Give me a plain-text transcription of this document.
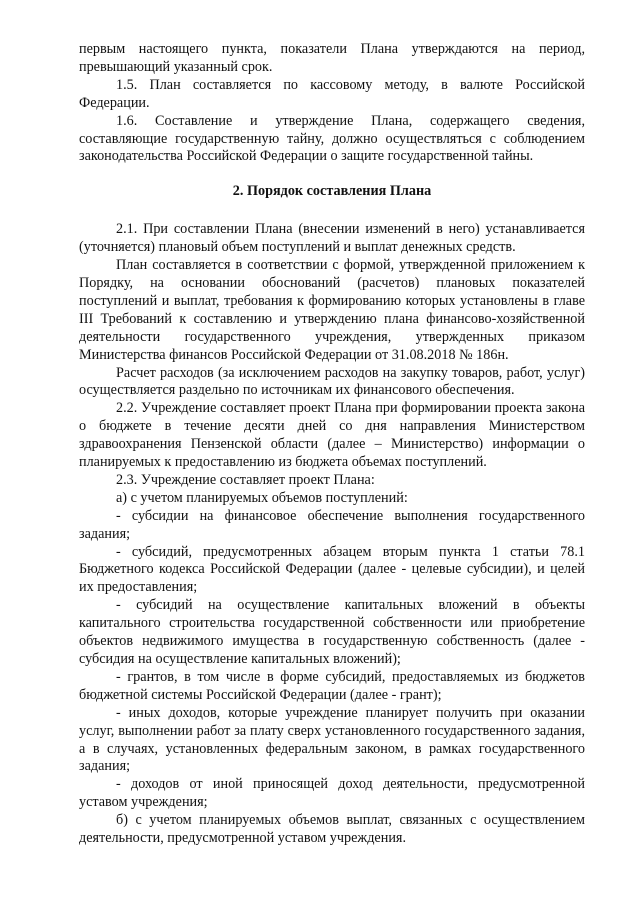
первым настоящего пункта, показатели Плана утверждаются на период, превышающий указанный срок.

1.5. План составляется по кассовому методу, в валюте Российской Федерации.

1.6. Составление и утверждение Плана, содержащего сведения, составляющие государственную тайну, должно осуществляться с соблюдением законодательства Российской Федерации о защите государственной тайны.

2. Порядок составления Плана

2.1. При составлении Плана (внесении изменений в него) устанавливается (уточняется) плановый объем поступлений и выплат денежных средств.

План составляется в соответствии с формой, утвержденной приложением к Порядку, на основании обоснований (расчетов) плановых показателей поступлений и выплат, требования к формированию которых установлены в главе III Требований к составлению и утверждению плана финансово-хозяйственной деятельности государственного учреждения, утвержденных приказом Министерства финансов Российской Федерации от 31.08.2018 № 186н.

Расчет расходов (за исключением расходов на закупку товаров, работ, услуг) осуществляется раздельно по источникам их финансового обеспечения.

2.2. Учреждение составляет проект Плана при формировании проекта закона о бюджете в течение десяти дней со дня направления Министерством здравоохранения Пензенской области (далее – Министерство) информации о планируемых к предоставлению из бюджета объемах поступлений.

2.3. Учреждение составляет проект Плана:

а) с учетом планируемых объемов поступлений:

- субсидии на финансовое обеспечение выполнения государственного задания;

- субсидий, предусмотренных абзацем вторым пункта 1 статьи 78.1 Бюджетного кодекса Российской Федерации (далее - целевые субсидии), и целей их предоставления;

- субсидий на осуществление капитальных вложений в объекты капитального строительства государственной собственности или приобретение объектов недвижимого имущества в государственную собственность (далее - субсидия на осуществление капитальных вложений);

- грантов, в том числе в форме субсидий, предоставляемых из бюджетов бюджетной системы Российской Федерации (далее - грант);

- иных доходов, которые учреждение планирует получить при оказании услуг, выполнении работ за плату сверх установленного государственного задания, а в случаях, установленных федеральным законом, в рамках государственного задания;

- доходов от иной приносящей доход деятельности, предусмотренной уставом учреждения;

б) с учетом планируемых объемов выплат, связанных с осуществлением деятельности, предусмотренной уставом учреждения.
